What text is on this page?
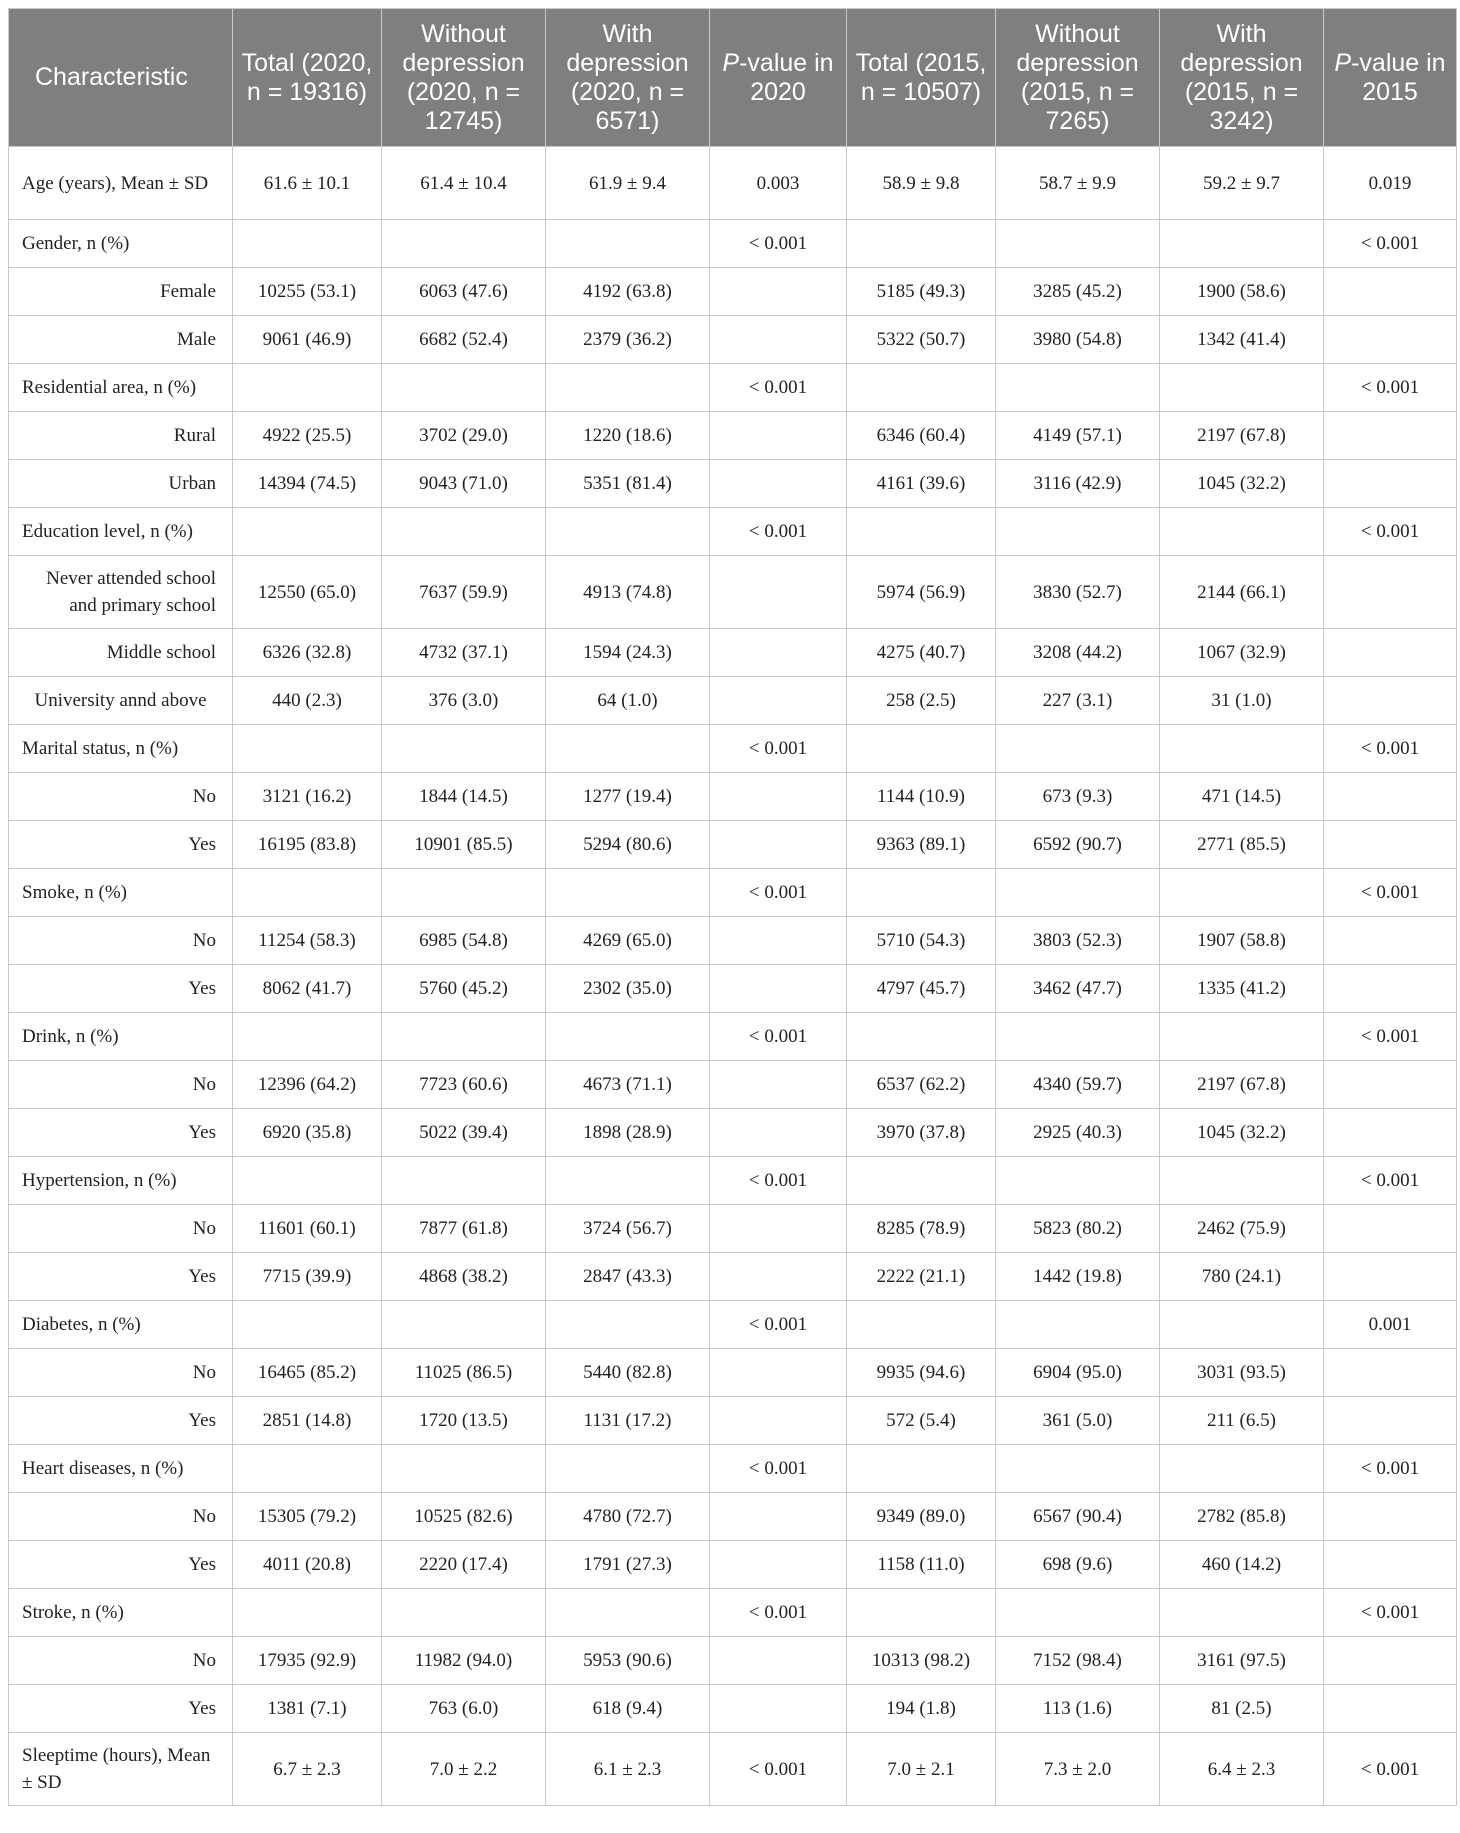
Characteristic	Total (2020, n = 19316)	Without depression (2020, n = 12745)	With depression (2020, n = 6571)	P-value in 2020	Total (2015, n = 10507)	Without depression (2015, n = 7265)	With depression (2015, n = 3242)	P-value in 2015
Age (years), Mean ± SD	61.6 ± 10.1	61.4 ± 10.4	61.9 ± 9.4	0.003	58.9 ± 9.8	58.7 ± 9.9	59.2 ± 9.7	0.019
Gender, n (%)				< 0.001				< 0.001
Female	10255 (53.1)	6063 (47.6)	4192 (63.8)		5185 (49.3)	3285 (45.2)	1900 (58.6)	
Male	9061 (46.9)	6682 (52.4)	2379 (36.2)		5322 (50.7)	3980 (54.8)	1342 (41.4)	
Residential area, n (%)				< 0.001				< 0.001
Rural	4922 (25.5)	3702 (29.0)	1220 (18.6)		6346 (60.4)	4149 (57.1)	2197 (67.8)	
Urban	14394 (74.5)	9043 (71.0)	5351 (81.4)		4161 (39.6)	3116 (42.9)	1045 (32.2)	
Education level, n (%)				< 0.001				< 0.001
Never attended school and primary school	12550 (65.0)	7637 (59.9)	4913 (74.8)		5974 (56.9)	3830 (52.7)	2144 (66.1)	
Middle school	6326 (32.8)	4732 (37.1)	1594 (24.3)		4275 (40.7)	3208 (44.2)	1067 (32.9)	
University annd above	440 (2.3)	376 (3.0)	64 (1.0)		258 (2.5)	227 (3.1)	31 (1.0)	
Marital status, n (%)				< 0.001				< 0.001
No	3121 (16.2)	1844 (14.5)	1277 (19.4)		1144 (10.9)	673 (9.3)	471 (14.5)	
Yes	16195 (83.8)	10901 (85.5)	5294 (80.6)		9363 (89.1)	6592 (90.7)	2771 (85.5)	
Smoke, n (%)				< 0.001				< 0.001
No	11254 (58.3)	6985 (54.8)	4269 (65.0)		5710 (54.3)	3803 (52.3)	1907 (58.8)	
Yes	8062 (41.7)	5760 (45.2)	2302 (35.0)		4797 (45.7)	3462 (47.7)	1335 (41.2)	
Drink, n (%)				< 0.001				< 0.001
No	12396 (64.2)	7723 (60.6)	4673 (71.1)		6537 (62.2)	4340 (59.7)	2197 (67.8)	
Yes	6920 (35.8)	5022 (39.4)	1898 (28.9)		3970 (37.8)	2925 (40.3)	1045 (32.2)	
Hypertension, n (%)				< 0.001				< 0.001
No	11601 (60.1)	7877 (61.8)	3724 (56.7)		8285 (78.9)	5823 (80.2)	2462 (75.9)	
Yes	7715 (39.9)	4868 (38.2)	2847 (43.3)		2222 (21.1)	1442 (19.8)	780 (24.1)	
Diabetes, n (%)				< 0.001				0.001
No	16465 (85.2)	11025 (86.5)	5440 (82.8)		9935 (94.6)	6904 (95.0)	3031 (93.5)	
Yes	2851 (14.8)	1720 (13.5)	1131 (17.2)		572 (5.4)	361 (5.0)	211 (6.5)	
Heart diseases, n (%)				< 0.001				< 0.001
No	15305 (79.2)	10525 (82.6)	4780 (72.7)		9349 (89.0)	6567 (90.4)	2782 (85.8)	
Yes	4011 (20.8)	2220 (17.4)	1791 (27.3)		1158 (11.0)	698 (9.6)	460 (14.2)	
Stroke, n (%)				< 0.001				< 0.001
No	17935 (92.9)	11982 (94.0)	5953 (90.6)		10313 (98.2)	7152 (98.4)	3161 (97.5)	
Yes	1381 (7.1)	763 (6.0)	618 (9.4)		194 (1.8)	113 (1.6)	81 (2.5)	
Sleeptime (hours), Mean ± SD	6.7 ± 2.3	7.0 ± 2.2	6.1 ± 2.3	< 0.001	7.0 ± 2.1	7.3 ± 2.0	6.4 ± 2.3	< 0.001
